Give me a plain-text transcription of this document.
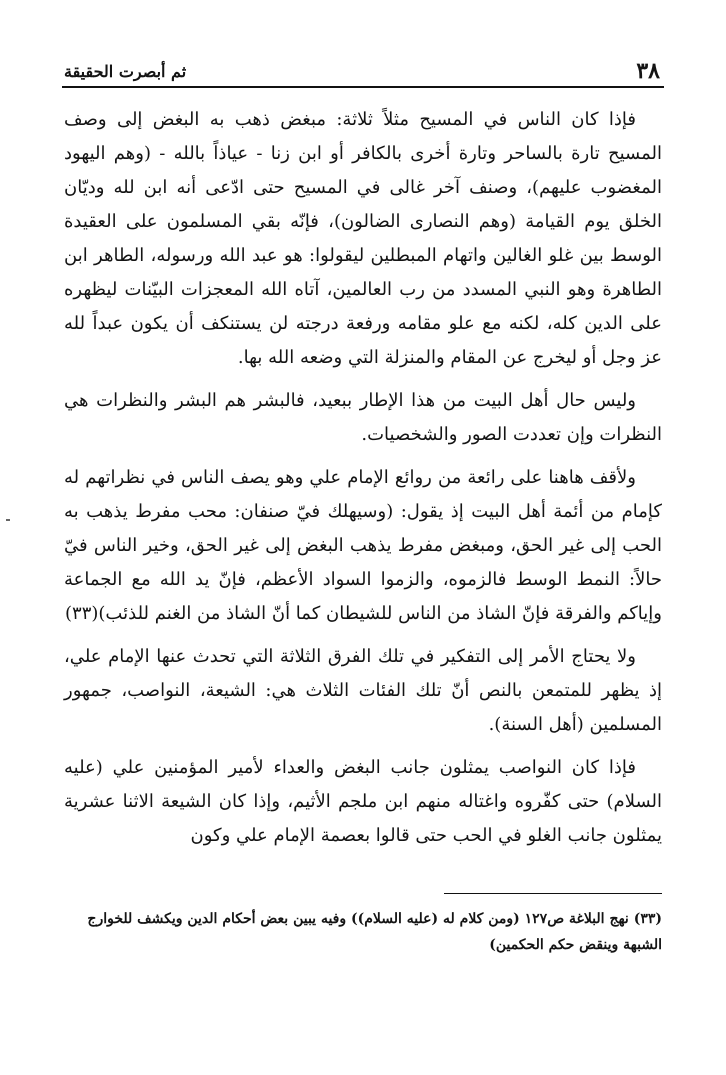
٣٨
ثم أبصرت الحقيقة

فإذا كان الناس في المسيح مثلاً ثلاثة: مبغض ذهب به البغض إلى وصف المسيح تارة بالساحر وتارة أخرى بالكافر أو ابن زنا - عياذاً بالله - (وهم اليهود المغضوب عليهم)، وصنف آخر غالى في المسيح حتى ادّعى أنه ابن لله وديّان الخلق يوم القيامة (وهم النصارى الضالون)، فإنّه بقي المسلمون على العقيدة الوسط بين غلو الغالين واتهام المبطلين ليقولوا: هو عبد الله ورسوله، الطاهر ابن الطاهرة وهو النبي المسدد من رب العالمين، آتاه الله المعجزات البيّنات ليظهره على الدين كله، لكنه مع علو مقامه ورفعة درجته لن يستنكف أن يكون عبداً لله عز وجل أو ليخرج عن المقام والمنزلة التي وضعه الله بها.

وليس حال أهل البيت من هذا الإطار ببعيد، فالبشر هم البشر والنظرات هي النظرات وإن تعددت الصور والشخصيات.

ولأقف هاهنا على رائعة من روائع الإمام علي وهو يصف الناس في نظراتهم له كإمام من أئمة أهل البيت إذ يقول: (وسيهلك فيّ صنفان: محب مفرط يذهب به الحب إلى غير الحق، ومبغض مفرط يذهب البغض إلى غير الحق، وخير الناس فيّ حالاً: النمط الوسط فالزموه، والزموا السواد الأعظم، فإنّ يد الله مع الجماعة وإياكم والفرقة فإنّ الشاذ من الناس للشيطان كما أنّ الشاذ من الغنم للذئب)(٣٣)

ولا يحتاج الأمر إلى التفكير في تلك الفرق الثلاثة التي تحدث عنها الإمام علي، إذ يظهر للمتمعن بالنص أنّ تلك الفئات الثلاث هي: الشيعة، النواصب، جمهور المسلمين (أهل السنة).

فإذا كان النواصب يمثلون جانب البغض والعداء لأمير المؤمنين علي (عليه السلام) حتى كفّروه واغتاله منهم ابن ملجم الأثيم، وإذا كان الشيعة الاثنا عشرية يمثلون جانب الغلو في الحب حتى قالوا بعصمة الإمام علي وكون

(٣٣) نهج البلاغة ص١٢٧ (ومن كلام له (عليه السلام)) وفيه يبين بعض أحكام الدين ويكشف للخوارج الشبهة وينقض حكم الحكمين)
